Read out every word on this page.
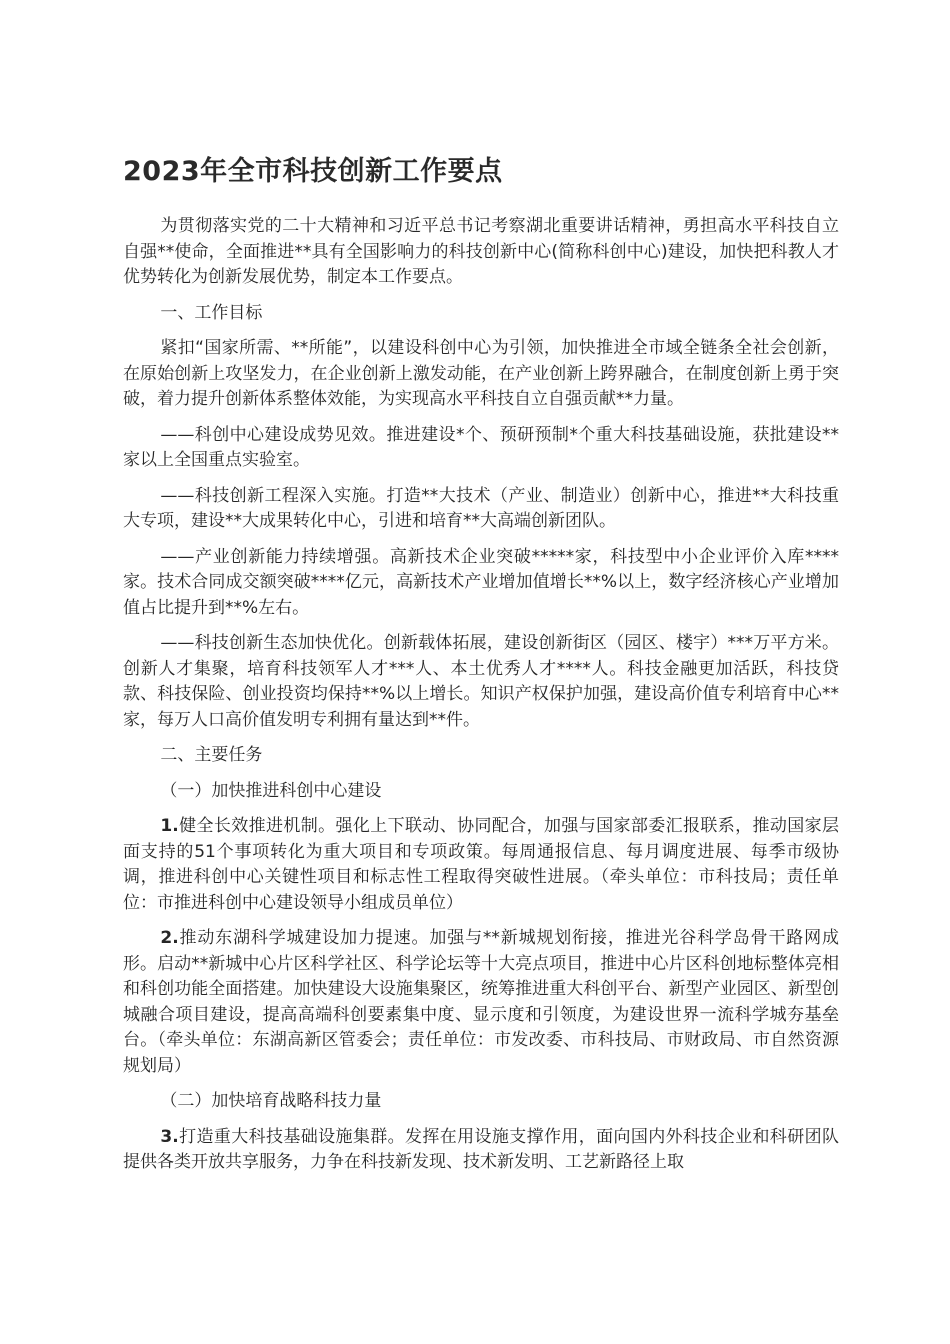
2023年全市科技创新工作要点

为贯彻落实党的二十大精神和习近平总书记考察湖北重要讲话精神，勇担高水平科技自立自强**使命，全面推进**具有全国影响力的科技创新中心(简称科创中心)建设，加快把科教人才优势转化为创新发展优势，制定本工作要点。

一、工作目标

紧扣“国家所需、**所能”，以建设科创中心为引领，加快推进全市域全链条全社会创新，在原始创新上攻坚发力，在企业创新上激发动能，在产业创新上跨界融合，在制度创新上勇于突破，着力提升创新体系整体效能，为实现高水平科技自立自强贡献**力量。

——科创中心建设成势见效。推进建设*个、预研预制*个重大科技基础设施，获批建设**家以上全国重点实验室。

——科技创新工程深入实施。打造**大技术（产业、制造业）创新中心，推进**大科技重大专项，建设**大成果转化中心，引进和培育**大高端创新团队。

——产业创新能力持续增强。高新技术企业突破*****家，科技型中小企业评价入库****家。技术合同成交额突破****亿元，高新技术产业增加值增长**%以上，数字经济核心产业增加值占比提升到**%左右。

——科技创新生态加快优化。创新载体拓展，建设创新街区（园区、楼宇）***万平方米。创新人才集聚，培育科技领军人才***人、本土优秀人才****人。科技金融更加活跃，科技贷款、科技保险、创业投资均保持**%以上增长。知识产权保护加强，建设高价值专利培育中心**家，每万人口高价值发明专利拥有量达到**件。

二、主要任务

（一）加快推进科创中心建设

1.健全长效推进机制。强化上下联动、协同配合，加强与国家部委汇报联系，推动国家层面支持的51个事项转化为重大项目和专项政策。每周通报信息、每月调度进展、每季市级协调，推进科创中心关键性项目和标志性工程取得突破性进展。（牵头单位：市科技局；责任单位：市推进科创中心建设领导小组成员单位）

2.推动东湖科学城建设加力提速。加强与**新城规划衔接，推进光谷科学岛骨干路网成形。启动**新城中心片区科学社区、科学论坛等十大亮点项目，推进中心片区科创地标整体亮相和科创功能全面搭建。加快建设大设施集聚区，统筹推进重大科创平台、新型产业园区、新型创城融合项目建设，提高高端科创要素集中度、显示度和引领度，为建设世界一流科学城夯基垒台。（牵头单位：东湖高新区管委会；责任单位：市发改委、市科技局、市财政局、市自然资源规划局）

（二）加快培育战略科技力量

3.打造重大科技基础设施集群。发挥在用设施支撑作用，面向国内外科技企业和科研团队提供各类开放共享服务，力争在科技新发现、技术新发明、工艺新路径上取
